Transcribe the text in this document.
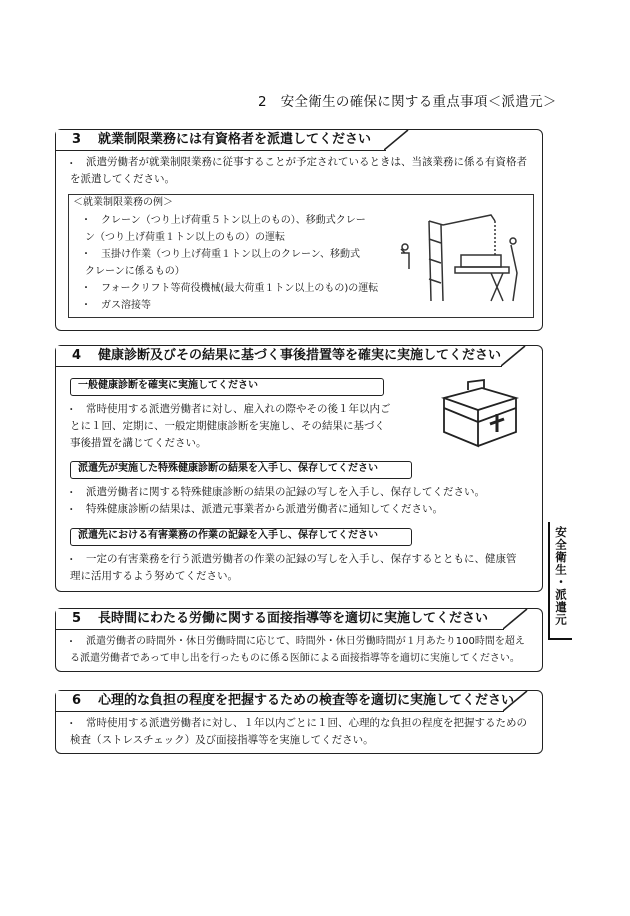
2　安全衛生の確保に関する重点事項＜派遣元＞
3 就業制限業務には有資格者を派遣してください
・ 派遣労働者が就業制限業務に従事することが予定されているときは、当該業務に係る有資格者
を派遣してください。
＜就業制限業務の例＞
・　クレーン（つり上げ荷重５トン以上のもの）、移動式クレー
ン（つり上げ荷重１トン以上のもの）の運転
・　玉掛け作業（つり上げ荷重１トン以上のクレーン、移動式
クレーンに係るもの）
・　フォークリフト等荷役機械(最大荷重１トン以上のもの)の運転
・　ガス溶接等
4 健康診断及びその結果に基づく事後措置等を確実に実施してください
一般健康診断を確実に実施してください
・ 常時使用する派遣労働者に対し、雇入れの際やその後１年以内ご
とに１回、定期に、一般定期健康診断を実施し、その結果に基づく
事後措置を講じてください。
派遣先が実施した特殊健康診断の結果を入手し、保存してください
・ 派遣労働者に関する特殊健康診断の結果の記録の写しを入手し、保存してください。
・ 特殊健康診断の結果は、派遣元事業者から派遣労働者に通知してください。
派遣先における有害業務の作業の記録を入手し、保存してください
・ 一定の有害業務を行う派遣労働者の作業の記録の写しを入手し、保存するとともに、健康管
理に活用するよう努めてください。	安全衛生・派遣元
5 長時間にわたる労働に関する面接指導等を適切に実施してください
・ 派遣労働者の時間外・休日労働時間に応じて、時間外・休日労働時間が１月あたり100時間を超え
る派遣労働者であって申し出を行ったものに係る医師による面接指導等を適切に実施してください。
6 心理的な負担の程度を把握するための検査等を適切に実施してください
・ 常時使用する派遣労働者に対し、１年以内ごとに１回、心理的な負担の程度を把握するための
検査（ストレスチェック）及び面接指導等を実施してください。
